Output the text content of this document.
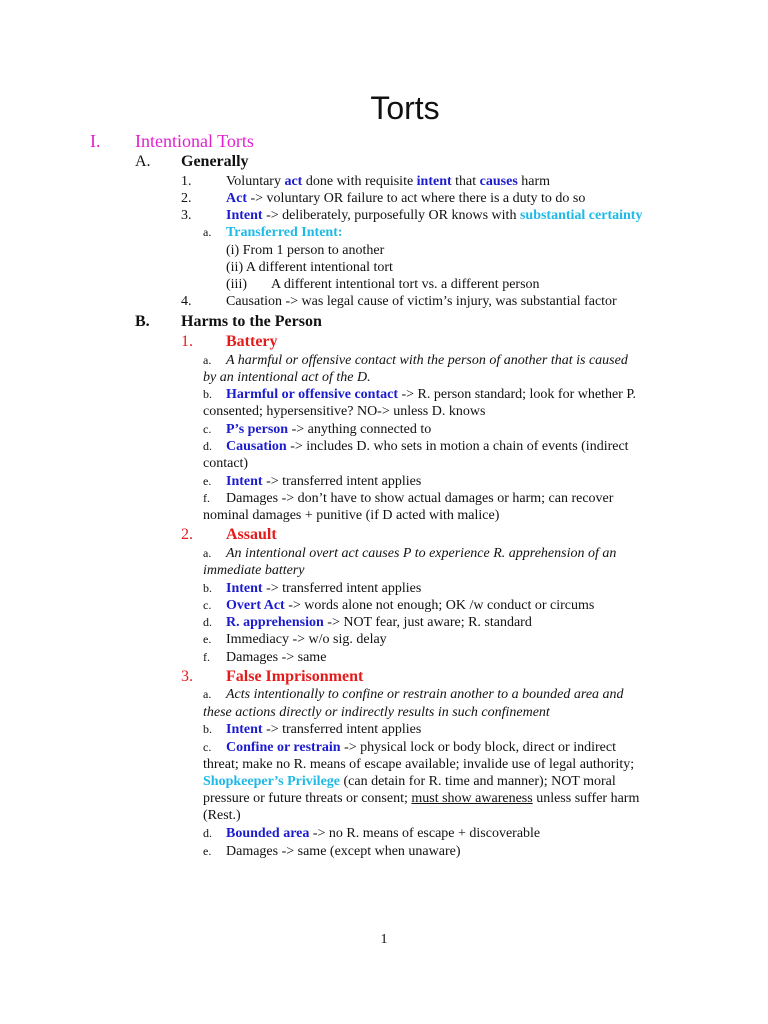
Torts
I. Intentional Torts
A. Generally
1. Voluntary act done with requisite intent that causes harm
2. Act -> voluntary OR failure to act where there is a duty to do so
3. Intent -> deliberately, purposefully OR knows with substantial certainty
a. Transferred Intent:
(i) From 1 person to another
(ii) A different intentional tort
(iii) A different intentional tort vs. a different person
4. Causation -> was legal cause of victim’s injury, was substantial factor
B. Harms to the Person
1. Battery
a. A harmful or offensive contact with the person of another that is caused
by an intentional act of the D.
b. Harmful or offensive contact -> R. person standard; look for whether P.
consented; hypersensitive? NO-> unless D. knows
c. P’s person -> anything connected to
d. Causation -> includes D. who sets in motion a chain of events (indirect
contact)
e. Intent -> transferred intent applies
f. Damages -> don’t have to show actual damages or harm; can recover
nominal damages + punitive (if D acted with malice)
2. Assault
a. An intentional overt act causes P to experience R. apprehension of an
immediate battery
b. Intent -> transferred intent applies
c. Overt Act -> words alone not enough; OK /w conduct or circums
d. R. apprehension -> NOT fear, just aware; R. standard
e. Immediacy -> w/o sig. delay
f. Damages -> same
3. False Imprisonment
a. Acts intentionally to confine or restrain another to a bounded area and
these actions directly or indirectly results in such confinement
b. Intent -> transferred intent applies
c. Confine or restrain -> physical lock or body block, direct or indirect
threat; make no R. means of escape available; invalide use of legal authority;
Shopkeeper’s Privilege (can detain for R. time and manner); NOT moral
pressure or future threats or consent; must show awareness unless suffer harm
(Rest.)
d. Bounded area -> no R. means of escape + discoverable
e. Damages -> same (except when unaware)
1
